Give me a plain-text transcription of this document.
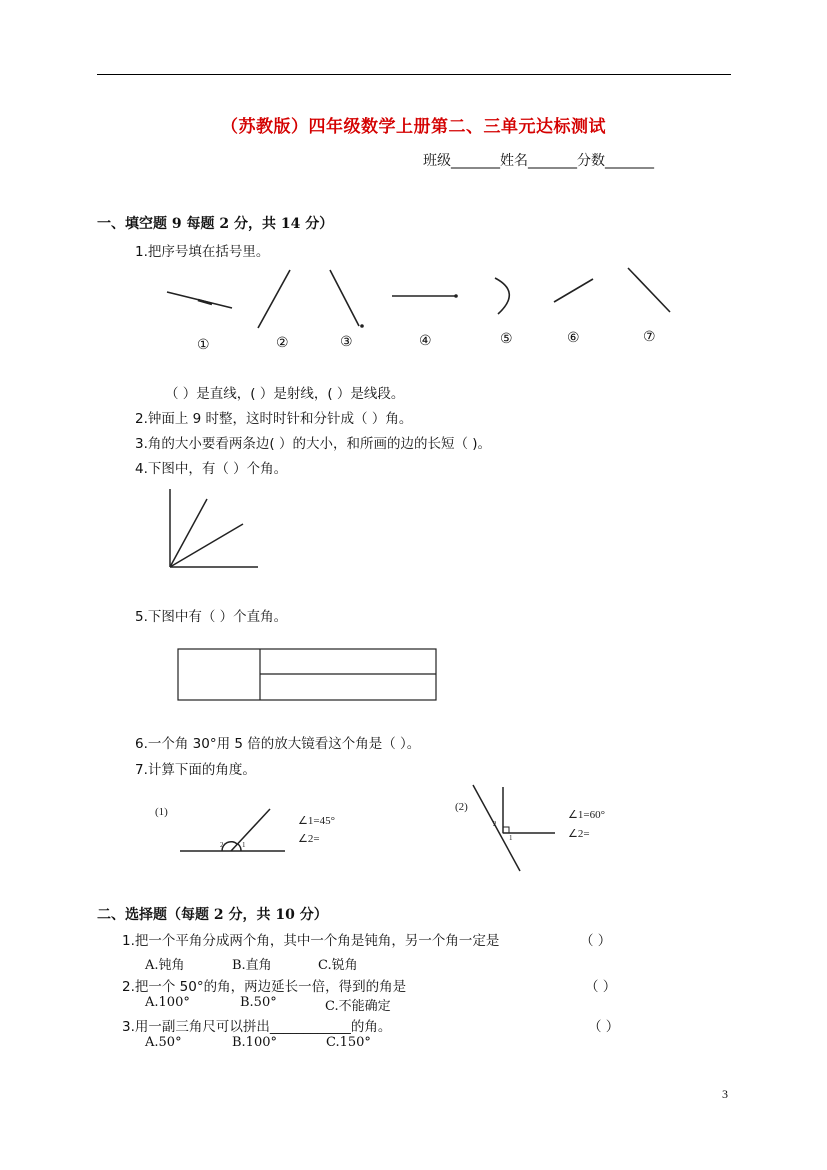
（苏教版）四年级数学上册第二、三单元达标测试
班级_______姓名_______分数_______
一、填空题 9 每题 2 分，共 14 分）
1.把序号填在括号里。
①	②	③	④	⑤	⑥	⑦
（ ）是直线，( ）是射线，( ）是线段。
2.钟面上 9 时整，这时时针和分针成（ ）角。
3.角的大小要看两条边( ）的大小，和所画的边的长短（ )。
4.下图中，有（ ）个角。
5.下图中有（ ）个直角。
6.一个角 30°用 5 倍的放大镜看这个角是（ ）。
7.计算下面的角度。
(1)
2	1
∠1=45°
∠2=
(2)
2
1
∠1=60°
∠2=
二、选择题（每题 2 分，共 10 分）
1.把一个平角分成两个角，其中一个角是钝角，另一个角一定是	（ ）
A.钝角	B.直角	C.锐角
2.把一个 50°的角，两边延长一倍，得到的角是	（ ）
A.100°	B.50°	C.不能确定
3.用一副三角尺可以拼出____________的角。	（ ）
A.50°	B.100°	C.150°
3
